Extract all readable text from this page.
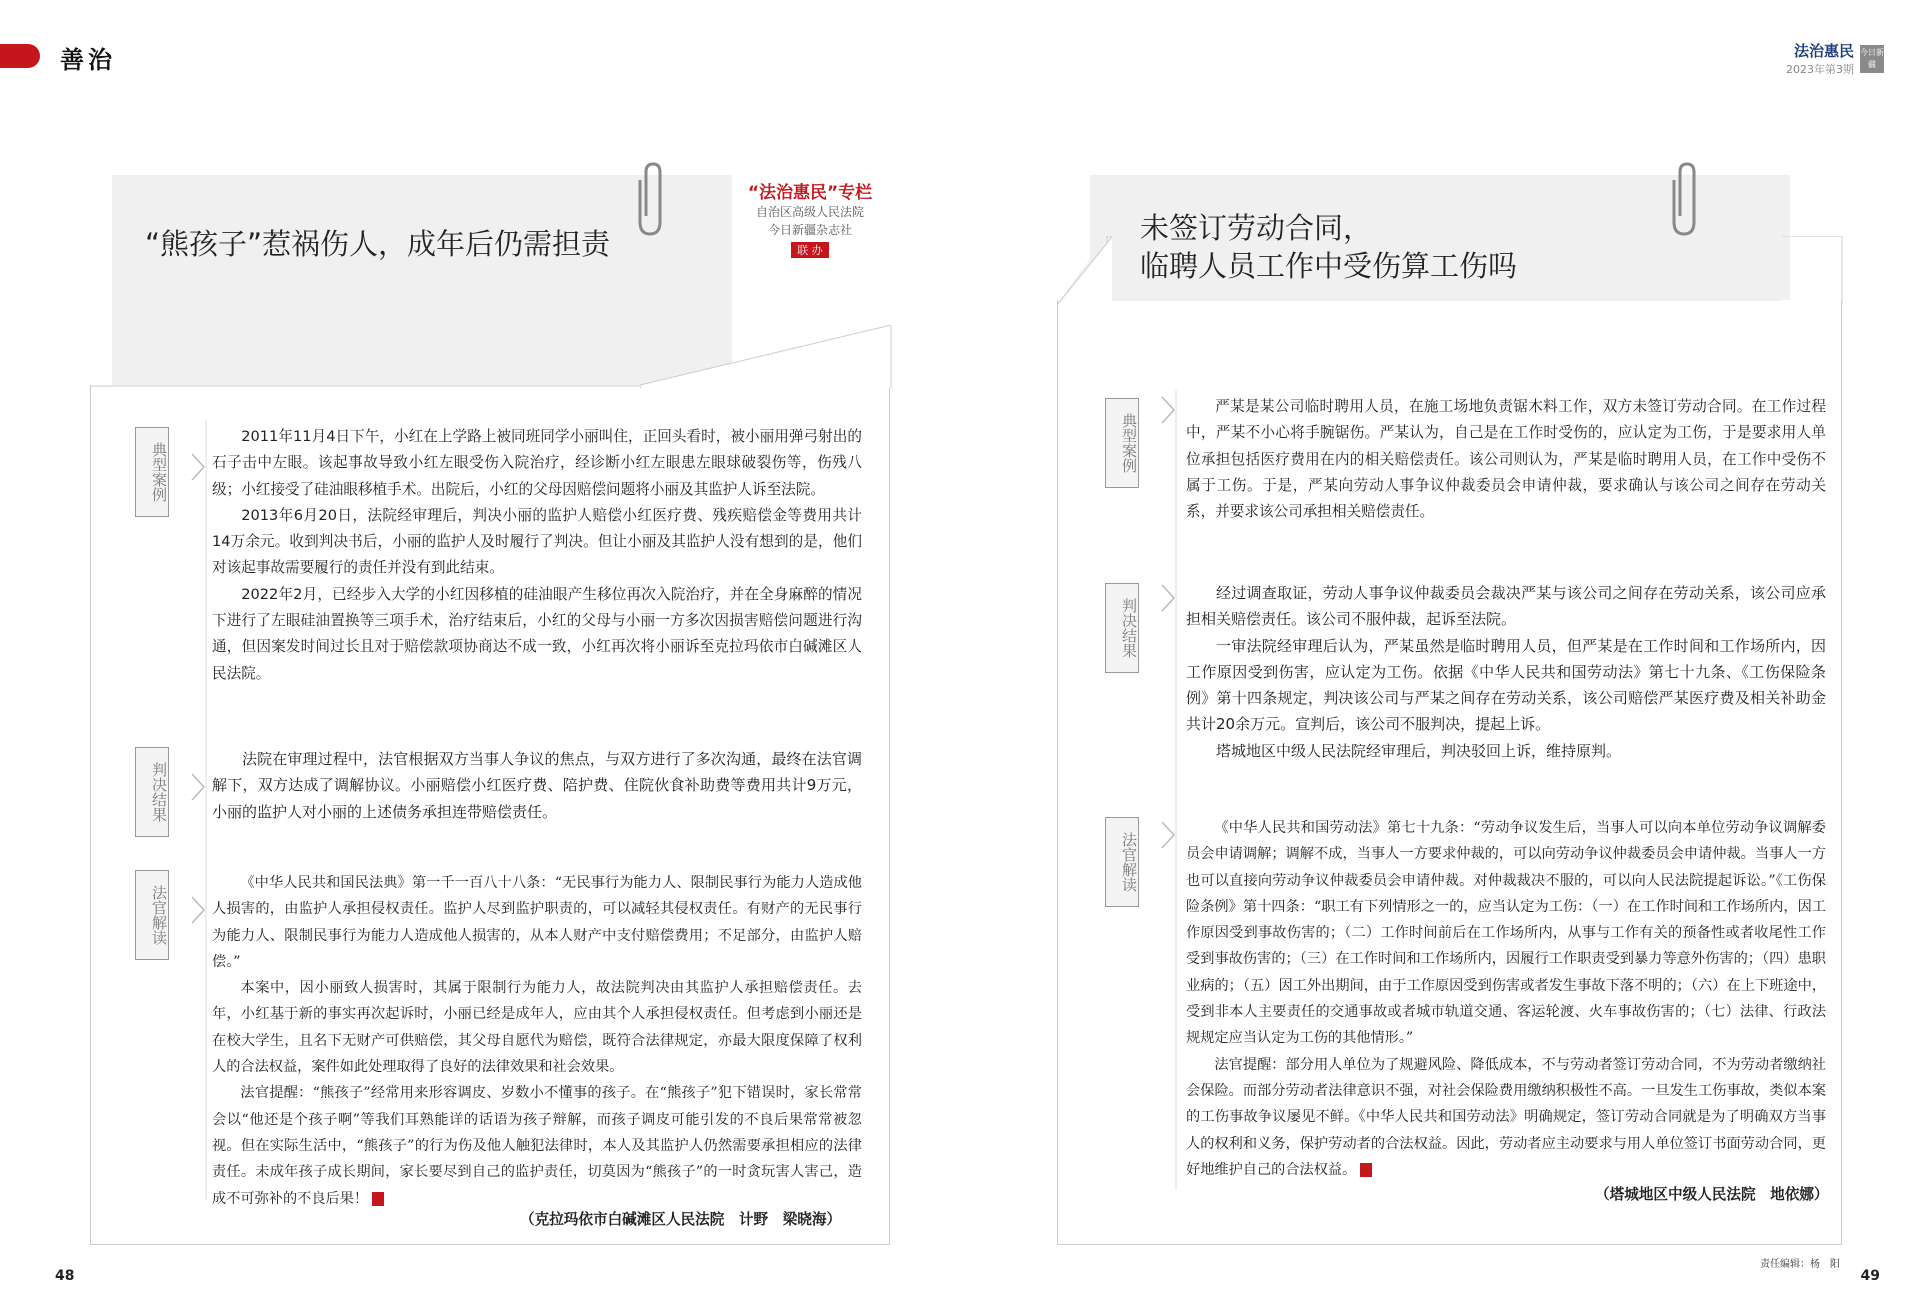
善治	法治惠民
2023年第3期
今日新疆
“熊孩子”惹祸伤人，成年后仍需担责
“法治惠民”专栏
自治区高级人民法院
今日新疆杂志社
联 办
典型案例
判决结果
法官解读

2011年11月4日下午，小红在上学路上被同班同学小丽叫住，正回头看时，被小丽用弹弓射出的石子击中左眼。该起事故导致小红左眼受伤入院治疗，经诊断小红左眼患左眼球破裂伤等，伤残八级；小红接受了硅油眼移植手术。出院后，小红的父母因赔偿问题将小丽及其监护人诉至法院。

2013年6月20日，法院经审理后，判决小丽的监护人赔偿小红医疗费、残疾赔偿金等费用共计14万余元。收到判决书后，小丽的监护人及时履行了判决。但让小丽及其监护人没有想到的是，他们对该起事故需要履行的责任并没有到此结束。

2022年2月，已经步入大学的小红因移植的硅油眼产生移位再次入院治疗，并在全身麻醉的情况下进行了左眼硅油置换等三项手术，治疗结束后，小红的父母与小丽一方多次因损害赔偿问题进行沟通，但因案发时间过长且对于赔偿款项协商达不成一致，小红再次将小丽诉至克拉玛依市白碱滩区人民法院。

法院在审理过程中，法官根据双方当事人争议的焦点，与双方进行了多次沟通，最终在法官调解下，双方达成了调解协议。小丽赔偿小红医疗费、陪护费、住院伙食补助费等费用共计9万元，小丽的监护人对小丽的上述债务承担连带赔偿责任。

《中华人民共和国民法典》第一千一百八十八条：“无民事行为能力人、限制民事行为能力人造成他人损害的，由监护人承担侵权责任。监护人尽到监护职责的，可以减轻其侵权责任。有财产的无民事行为能力人、限制民事行为能力人造成他人损害的，从本人财产中支付赔偿费用；不足部分，由监护人赔偿。”

本案中，因小丽致人损害时，其属于限制行为能力人，故法院判决由其监护人承担赔偿责任。去年，小红基于新的事实再次起诉时，小丽已经是成年人，应由其个人承担侵权责任。但考虑到小丽还是在校大学生，且名下无财产可供赔偿，其父母自愿代为赔偿，既符合法律规定，亦最大限度保障了权利人的合法权益，案件如此处理取得了良好的法律效果和社会效果。

法官提醒：“熊孩子”经常用来形容调皮、岁数小不懂事的孩子。在“熊孩子”犯下错误时，家长常常会以“他还是个孩子啊”等我们耳熟能详的话语为孩子辩解，而孩子调皮可能引发的不良后果常常被忽视。但在实际生活中，“熊孩子”的行为伤及他人触犯法律时，本人及其监护人仍然需要承担相应的法律责任。未成年孩子成长期间，家长要尽到自己的监护责任，切莫因为“熊孩子”的一时贪玩害人害己，造成不可弥补的不良后果！

（克拉玛依市白碱滩区人民法院　计野　梁晓海）
48
未签订劳动合同，
临聘人员工作中受伤算工伤吗
典型案例
判决结果
法官解读

严某是某公司临时聘用人员，在施工场地负责锯木料工作，双方未签订劳动合同。在工作过程中，严某不小心将手腕锯伤。严某认为，自己是在工作时受伤的，应认定为工伤，于是要求用人单位承担包括医疗费用在内的相关赔偿责任。该公司则认为，严某是临时聘用人员，在工作中受伤不属于工伤。于是，严某向劳动人事争议仲裁委员会申请仲裁，要求确认与该公司之间存在劳动关系，并要求该公司承担相关赔偿责任。

经过调查取证，劳动人事争议仲裁委员会裁决严某与该公司之间存在劳动关系，该公司应承担相关赔偿责任。该公司不服仲裁，起诉至法院。

一审法院经审理后认为，严某虽然是临时聘用人员，但严某是在工作时间和工作场所内，因工作原因受到伤害，应认定为工伤。依据《中华人民共和国劳动法》第七十九条、《工伤保险条例》第十四条规定，判决该公司与严某之间存在劳动关系，该公司赔偿严某医疗费及相关补助金共计20余万元。宣判后，该公司不服判决，提起上诉。

塔城地区中级人民法院经审理后，判决驳回上诉，维持原判。

《中华人民共和国劳动法》第七十九条：“劳动争议发生后，当事人可以向本单位劳动争议调解委员会申请调解；调解不成，当事人一方要求仲裁的，可以向劳动争议仲裁委员会申请仲裁。当事人一方也可以直接向劳动争议仲裁委员会申请仲裁。对仲裁裁决不服的，可以向人民法院提起诉讼。”《工伤保险条例》第十四条：“职工有下列情形之一的，应当认定为工伤：（一）在工作时间和工作场所内，因工作原因受到事故伤害的；（二）工作时间前后在工作场所内，从事与工作有关的预备性或者收尾性工作受到事故伤害的；（三）在工作时间和工作场所内，因履行工作职责受到暴力等意外伤害的；（四）患职业病的；（五）因工外出期间，由于工作原因受到伤害或者发生事故下落不明的；（六）在上下班途中，受到非本人主要责任的交通事故或者城市轨道交通、客运轮渡、火车事故伤害的；（七）法律、行政法规规定应当认定为工伤的其他情形。”

法官提醒：部分用人单位为了规避风险、降低成本，不与劳动者签订劳动合同，不为劳动者缴纳社会保险。而部分劳动者法律意识不强，对社会保险费用缴纳积极性不高。一旦发生工伤事故，类似本案的工伤事故争议屡见不鲜。《中华人民共和国劳动法》明确规定，签订劳动合同就是为了明确双方当事人的权利和义务，保护劳动者的合法权益。因此，劳动者应主动要求与用人单位签订书面劳动合同，更好地维护自己的合法权益。

（塔城地区中级人民法院　地依娜）
责任编辑：杨　阳
49
